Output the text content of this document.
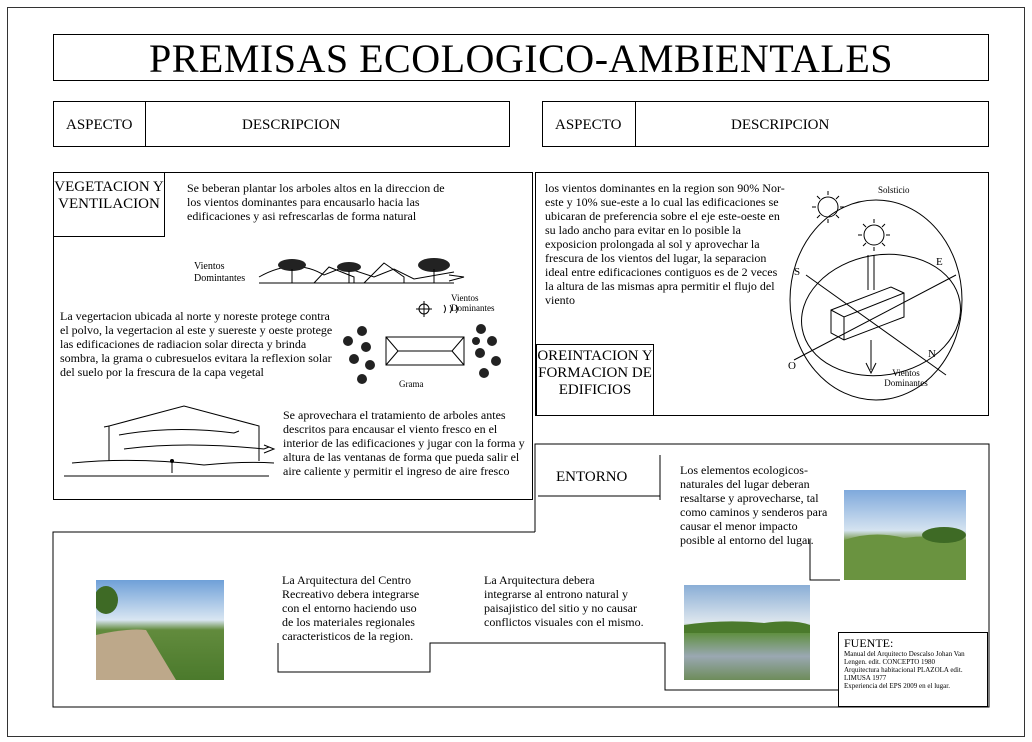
PREMISAS ECOLOGICO-AMBIENTALES
ASPECTO	DESCRIPCION	ASPECTO	DESCRIPCION
VEGETACION Y VENTILACION
Se beberan plantar los arboles altos en la direccion de los vientos dominantes para encausarlo hacia las edificaciones y asi refrescarlas de forma natural
Vientos Domintantes
La vegertacion ubicada al norte y noreste protege contra el polvo, la vegertacion al este y suereste y oeste protege las edificaciones de radiacion solar directa y brinda sombra, la grama o cubresuelos evitara la reflexion solar del suelo por la frescura de la capa vegetal
Vientos Dominantes
Grama
Se aprovechara el tratamiento de arboles antes descritos para encausar el viento fresco en el interior de las edificaciones y jugar con la forma y altura de las ventanas de forma que pueda salir el aire caliente y permitir el ingreso de aire fresco
los vientos dominantes en la region son 90% Nor-este y 10% sue-este a lo cual las edificaciones se ubicaran de preferencia sobre el eje este-oeste en su lado ancho para evitar en lo posible la exposicion prolongada al sol y aprovechar la frescura de los vientos del lugar, la separacion ideal entre edificaciones contiguos es de 2 veces la altura de las mismas apra permitir el flujo del viento
OREINTACION Y FORMACION DE EDIFICIOS
Solsticio
S
E
O
N
Vientos Dominantes
ENTORNO	Los elementos ecologicos-naturales del lugar deberan resaltarse y aprovecharse, tal como caminos y senderos para causar el menor impacto posible al entorno del lugar.
La Arquitectura del Centro Recreativo debera integrarse con el entorno haciendo uso de los materiales regionales caracteristicos de la region.
La Arquitectura debera integrarse al entrono natural y paisajistico del sitio y no causar conflictos visuales con el mismo.
FUENTE:
Manual del Arquitecto Descalso Johan Van Lengen. edit. CONCEPTO 1980
Arquitectura habitacional PLAZOLA edit. LIMUSA 1977
Experiencia del EPS 2009 en el lugar.
